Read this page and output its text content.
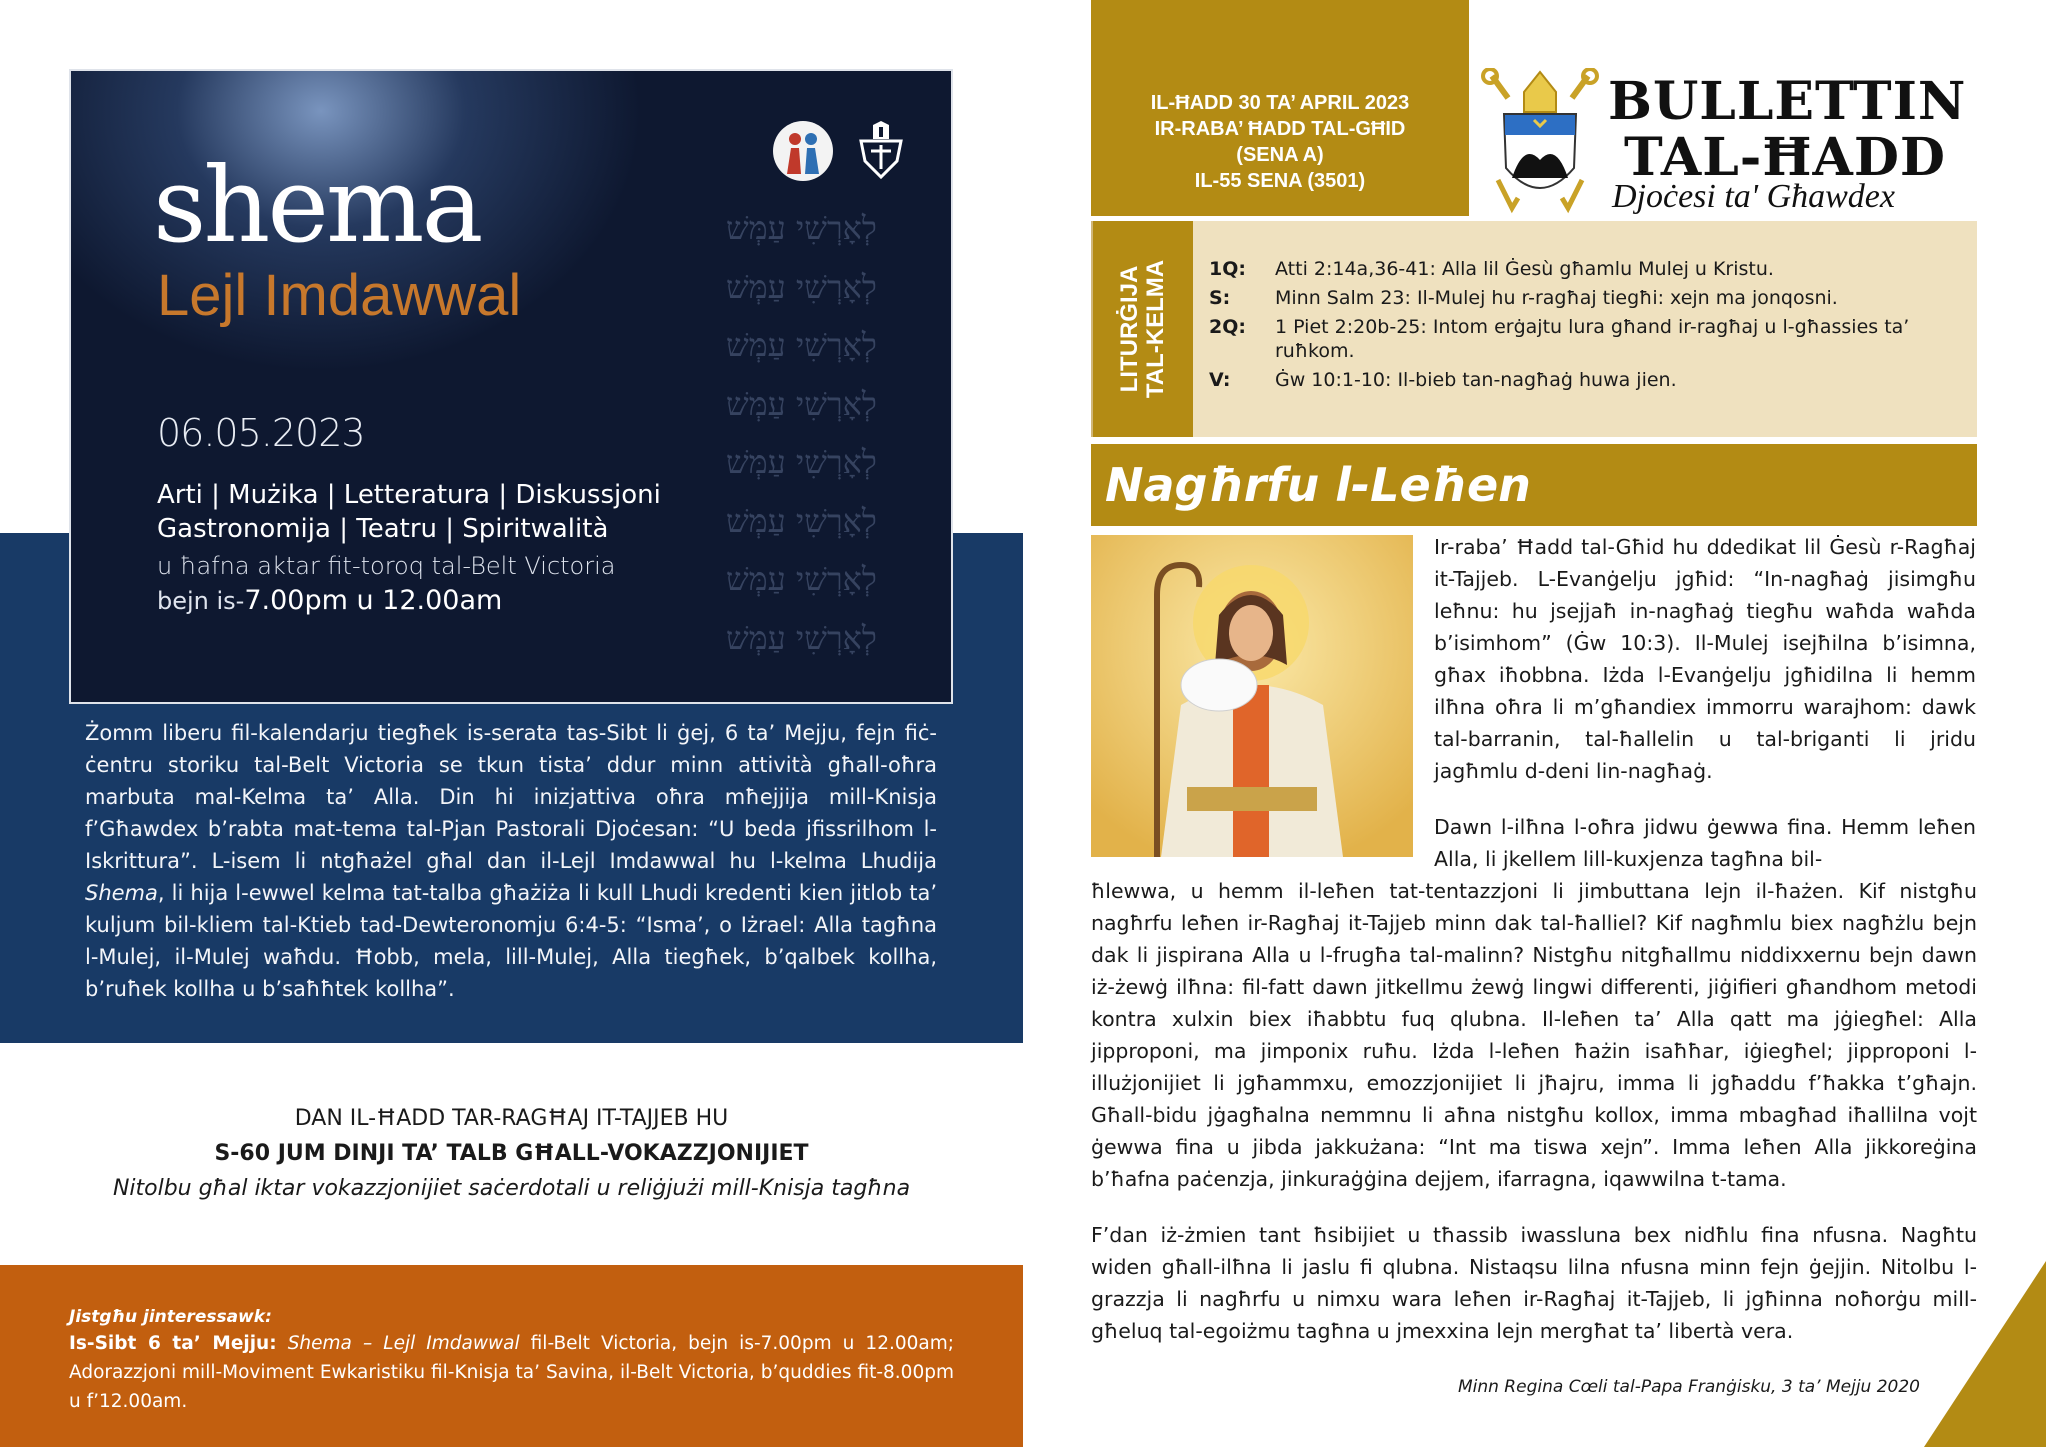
shema
Lejl Imdawwal
06.05.2023
Arti | Mużika | Letteratura | Diskussjoni
Gastronomija | Teatru | Spiritwalità
u ħafna aktar fit-toroq tal-Belt Victoria
bejn is-7.00pm u 12.00am
לְאָרְשִׁי עַמְּשׁ
לְאָרְשִׁי עַמְּשׁ
לְאָרְשִׁי עַמְּשׁ
לְאָרְשִׁי עַמְּשׁ
לְאָרְשִׁי עַמְּשׁ
לְאָרְשִׁי עַמְּשׁ
לְאָרְשִׁי עַמְּשׁ
לְאָרְשִׁי עַמְּשׁ
Żomm liberu fil-kalendarju tiegħek is-serata tas-Sibt li ġej, 6 ta’ Mejju, fejn fiċ-ċentru storiku tal-Belt Victoria se tkun tista’ ddur minn attività għall-oħra marbuta mal-Kelma ta’ Alla. Din hi inizjattiva oħra mħejjija mill-Knisja f’Għawdex b’rabta mat-tema tal-Pjan Pastorali Djoċesan: “U beda jfissrilhom l-Iskrittura”. L-isem li ntgħażel għal dan il-Lejl Imdawwal hu l-kelma Lhudija Shema, li hija l-ewwel kelma tat-talba għażiża li kull Lhudi kredenti kien jitlob ta’ kuljum bil-kliem tal-Ktieb tad-Dewteronomju 6:4-5: “Isma’, o Iżrael: Alla tagħna l-Mulej, il-Mulej waħdu. Ħobb, mela, lill-Mulej, Alla tiegħek, b’qalbek kollha, b’ruħek kollha u b’saħħtek kollha”.
DAN IL-ĦADD TAR-RAGĦAJ IT-TAJJEB HU
S-60 JUM DINJI TA’ TALB GĦALL-VOKAZZJONIJIET
Nitolbu għal iktar vokazzjonijiet saċerdotali u reliġjużi mill-Knisja tagħna
Jistgħu jinteressawk:
Is-Sibt 6 ta’ Mejju: Shema – Lejl Imdawwal fil-Belt Victoria, bejn is-7.00pm u 12.00am; Adorazzjoni mill-Moviment Ewkaristiku fil-Knisja ta’ Savina, il-Belt Victoria, b’quddies fit-8.00pm u f’12.00am.
IL-ĦADD 30 TA’ APRIL 2023
IR-RABA’ ĦADD TAL-GĦID
(SENA A)
IL-55 SENA (3501)
BULLETTIN
TAL-ĦADD
Djoċesi ta' Għawdex
LITURĠIJA TAL-KELMA 1Q:	Atti 2:14a,36-41: Alla lil Ġesù għamlu Mulej u Kristu.
S:	Minn Salm 23: Il-Mulej hu r-ragħaj tiegħi: xejn ma jonqosni.
2Q:	1 Piet 2:20b-25: Intom erġajtu lura għand ir-ragħaj u l-għassies ta’ ruħkom.
V:	Ġw 10:1-10: Il-bieb tan-nagħaġ huwa jien.
Nagħrfu l-Leħen
Ir-raba’ Ħadd tal-Għid hu ddedikat lil Ġesù r-Ragħaj it-Tajjeb. L-Evanġelju jgħid: “In-nagħaġ jisimgħu leħnu: hu jsejjaħ in-nagħaġ tiegħu waħda waħda b’isimhom” (Ġw 10:3). Il-Mulej isejħilna b’isimna, għax iħobbna. Iżda l-Evanġelju jgħidilna li hemm ilħna oħra li m’għandiex immorru warajhom: dawk tal-barranin, tal-ħallelin u tal-briganti li jridu jagħmlu d-deni lin-nagħaġ.
Dawn l-ilħna l-oħra jidwu ġewwa fina. Hemm leħen Alla, li jkellem lill-kuxjenza tagħna bil-
ħlewwa, u hemm il-leħen tat-tentazzjoni li jimbuttana lejn il-ħażen. Kif nistgħu nagħrfu leħen ir-Ragħaj it-Tajjeb minn dak tal-ħalliel? Kif nagħmlu biex nagħżlu bejn dak li jispirana Alla u l-frugħa tal-malinn? Nistgħu nitgħallmu niddixxernu bejn dawn iż-żewġ ilħna: fil-fatt dawn jitkellmu żewġ lingwi differenti, jiġifieri għandhom metodi kontra xulxin biex iħabbtu fuq qlubna. Il-leħen ta’ Alla qatt ma jġiegħel: Alla jipproponi, ma jimponix ruħu. Iżda l-leħen ħażin isaħħar, iġiegħel; jipproponi l-illużjonijiet li jgħammxu, emozzjonijiet li jħajru, imma li jgħaddu f’ħakka t’għajn. Għall-bidu jġagħalna nemmnu li aħna nistgħu kollox, imma mbagħad iħallilna vojt ġewwa fina u jibda jakkużana: “Int ma tiswa xejn”. Imma leħen Alla jikkoreġina b’ħafna paċenzja, jinkuraġġina dejjem, ifarragna, iqawwilna t-tama.
F’dan iż-żmien tant ħsibijiet u tħassib iwassluna bex nidħlu fina nfusna. Nagħtu widen għall-ilħna li jaslu fi qlubna. Nistaqsu lilna nfusna minn fejn ġejjin. Nitolbu l-grazzja li nagħrfu u nimxu wara leħen ir-Ragħaj it-Tajjeb, li jgħinna noħorġu mill-għeluq tal-egoiżmu tagħna u jmexxina lejn mergħat ta’ libertà vera.
Minn Regina Cœli tal-Papa Franġisku, 3 ta’ Mejju 2020
